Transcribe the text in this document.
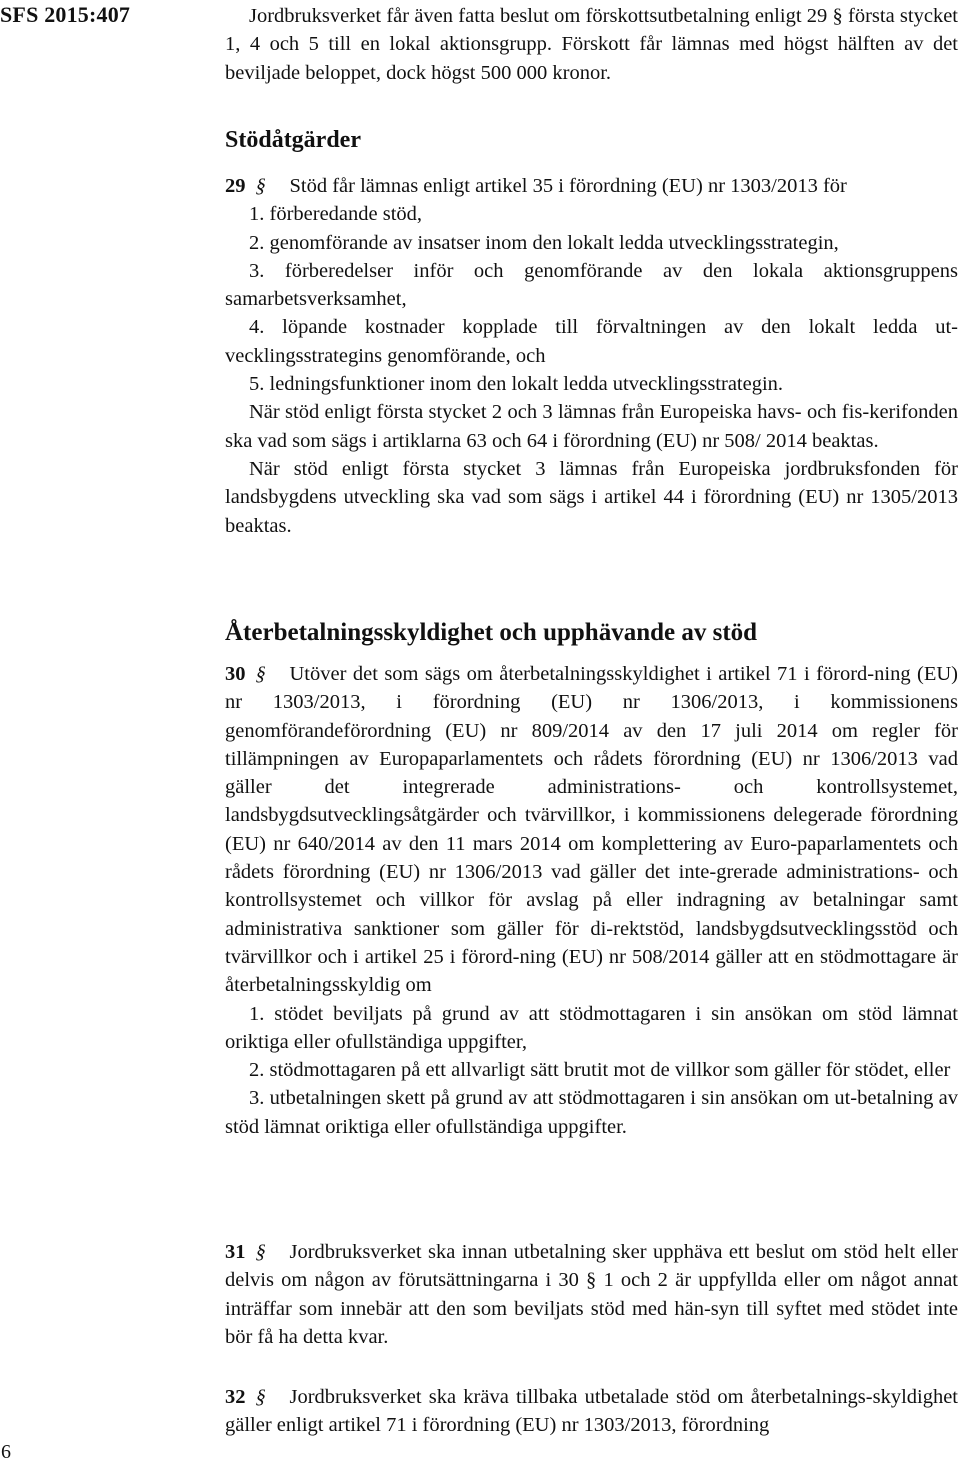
SFS 2015:407
6

Jordbruksverket får även fatta beslut om förskottsutbetalning enligt 29 § första stycket 1, 4 och 5 till en lokal aktionsgrupp. Förskott får lämnas med högst hälften av det beviljade beloppet, dock högst 500 000 kronor.

Stödåtgärder

29 § Stöd får lämnas enligt artikel 35 i förordning (EU) nr 1303/2013 för

1. förberedande stöd,

2. genomförande av insatser inom den lokalt ledda utvecklingsstrategin,

3. förberedelser inför och genomförande av den lokala aktionsgruppens samarbetsverksamhet,

4. löpande kostnader kopplade till förvaltningen av den lokalt ledda ut-vecklingsstrategins genomförande, och

5. ledningsfunktioner inom den lokalt ledda utvecklingsstrategin.

När stöd enligt första stycket 2 och 3 lämnas från Europeiska havs- och fis-kerifonden ska vad som sägs i artiklarna 63 och 64 i förordning (EU) nr 508/ 2014 beaktas.

När stöd enligt första stycket 3 lämnas från Europeiska jordbruksfonden för landsbygdens utveckling ska vad som sägs i artikel 44 i förordning (EU) nr 1305/2013 beaktas.

Återbetalningsskyldighet och upphävande av stöd

30 § Utöver det som sägs om återbetalningsskyldighet i artikel 71 i förord-ning (EU) nr 1303/2013, i förordning (EU) nr 1306/2013, i kommissionens genomförandeförordning (EU) nr 809/2014 av den 17 juli 2014 om regler för tillämpningen av Europaparlamentets och rådets förordning (EU) nr 1306/2013 vad gäller det integrerade administrations- och kontrollsystemet, landsbygdsutvecklingsåtgärder och tvärvillkor, i kommissionens delegerade förordning (EU) nr 640/2014 av den 11 mars 2014 om komplettering av Euro-paparlamentets och rådets förordning (EU) nr 1306/2013 vad gäller det inte-grerade administrations- och kontrollsystemet och villkor för avslag på eller indragning av betalningar samt administrativa sanktioner som gäller för di-rektstöd, landsbygdsutvecklingsstöd och tvärvillkor och i artikel 25 i förord-ning (EU) nr 508/2014 gäller att en stödmottagare är återbetalningsskyldig om

1. stödet beviljats på grund av att stödmottagaren i sin ansökan om stöd lämnat oriktiga eller ofullständiga uppgifter,

2. stödmottagaren på ett allvarligt sätt brutit mot de villkor som gäller för stödet, eller

3. utbetalningen skett på grund av att stödmottagaren i sin ansökan om ut-betalning av stöd lämnat oriktiga eller ofullständiga uppgifter.

31 § Jordbruksverket ska innan utbetalning sker upphäva ett beslut om stöd helt eller delvis om någon av förutsättningarna i 30 § 1 och 2 är uppfyllda eller om något annat inträffar som innebär att den som beviljats stöd med hän-syn till syftet med stödet inte bör få ha detta kvar.

32 § Jordbruksverket ska kräva tillbaka utbetalade stöd om återbetalnings-skyldighet gäller enligt artikel 71 i förordning (EU) nr 1303/2013, förordning
